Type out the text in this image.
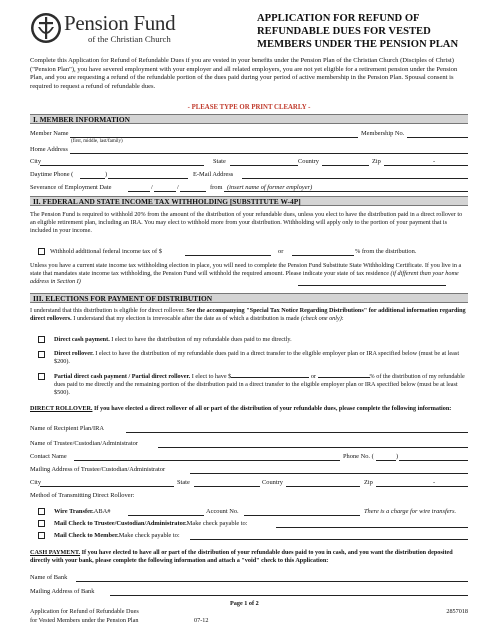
Pension Fund
of the Christian Church
APPLICATION FOR REFUND OF REFUNDABLE DUES FOR VESTED MEMBERS UNDER THE PENSION PLAN
Complete this Application for Refund of Refundable Dues if you are vested in your benefits under the Pension Plan of the Christian Church (Disciples of Christ) ("Pension Plan"), you have severed employment with your employer and all related employers, you are not yet eligible for a retirement pension under the Pension Plan, and you are requesting a refund of the refundable portion of the dues paid during your period of active membership in the Pension Plan. Spousal consent is required to request a refund of refundable dues.
- PLEASE TYPE OR PRINT CLEARLY -
I. MEMBER INFORMATION
Member Name	Membership No.
(first, middle, last/family)
Home Address
City	State	Country	Zip	-
Daytime Phone (	)	E-Mail Address
Severance of Employment Date	/	/	from (insert name of former employer)
II. FEDERAL AND STATE INCOME TAX WITHHOLDING [SUBSTITUTE W-4P]
The Pension Fund is required to withhold 20% from the amount of the distribution of your refundable dues, unless you elect to have the distribution paid in a direct rollover to an eligible retirement plan, including an IRA. You may elect to withhold more from your distribution. Withholding will apply only to the portion of your payment that is included in your income.
Withhold additional federal income tax of $	or	% from the distribution.
Unless you have a current state income tax withholding election in place, you will need to complete the Pension Fund Substitute State Withholding Certificate. If you live in a state that mandates state income tax withholding, the Pension Fund will withhold the required amount. Please indicate your state of tax residence (if different than your home address in Section I)
III. ELECTIONS FOR PAYMENT OF DISTRIBUTION
I understand that this distribution is eligible for direct rollover. See the accompanying "Special Tax Notice Regarding Distributions" for additional information regarding direct rollovers. I understand that my election is irrevocable after the date as of which a distribution is made (check one only):
Direct cash payment. I elect to have the distribution of my refundable dues paid to me directly.
Direct rollover. I elect to have the distribution of my refundable dues paid in a direct transfer to the eligible employer plan or IRA specified below (must be at least $200).
Partial direct cash payment / Partial direct rollover. I elect to have $	or	% of the distribution of my refundable dues paid to me directly and the remaining portion of the distribution paid in a direct transfer to the eligible employer plan or IRA specified below (must be at least $500).
DIRECT ROLLOVER. If you have elected a direct rollover of all or part of the distribution of your refundable dues, please complete the following information:
Name of Recipient Plan/IRA
Name of Trustee/Custodian/Administrator
Contact Name	Phone No. (	)
Mailing Address of Trustee/Custodian/Administrator
City	State	Country	Zip	-
Method of Transmitting Direct Rollover:
Wire Transfer. ABA#	Account No.	There is a charge for wire transfers.
Mail Check to Trustee/Custodian/Administrator. Make check payable to:
Mail Check to Member. Make check payable to:
CASH PAYMENT. If you have elected to have all or part of the distribution of your refundable dues paid to you in cash, and you want the distribution deposited directly with your bank, please complete the following information and attach a "void" check to this Application:
Name of Bank
Mailing Address of Bank
Application for Refund of Refundable Dues
for Vested Members under the Pension Plan	07-12
Page 1 of 2
2857018
